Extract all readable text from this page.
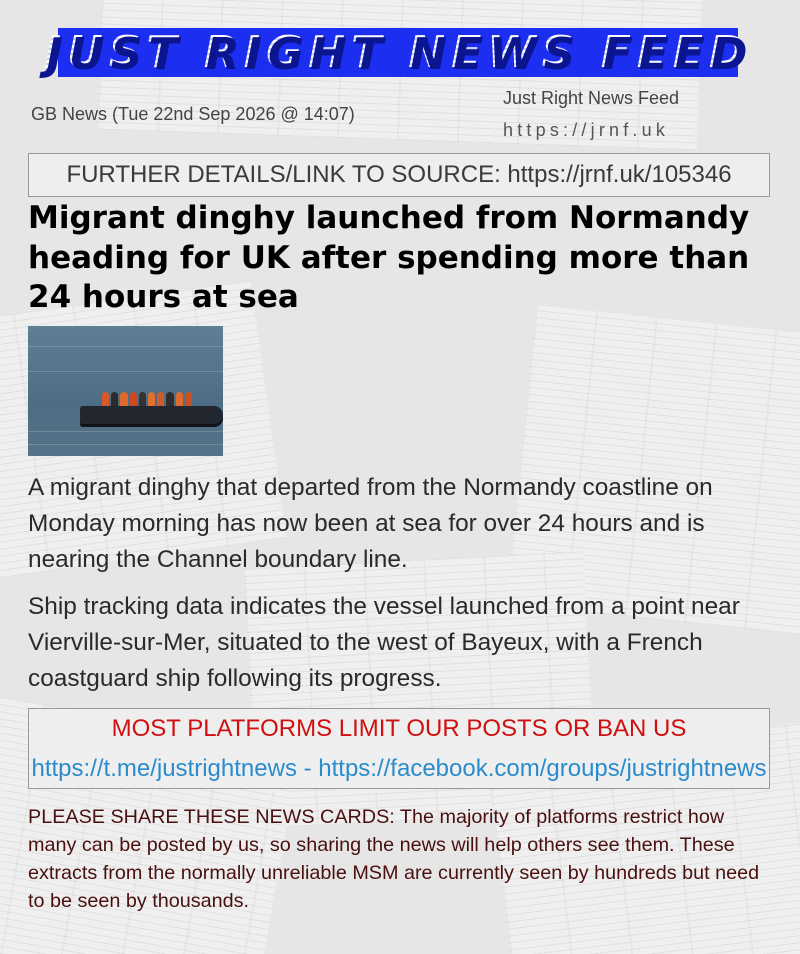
JUST RIGHT NEWS FEED
GB News (Tue 22nd Sep 2026 @ 14:07)
Just Right News Feed
https://jrnf.uk
FURTHER DETAILS/LINK TO SOURCE: https://jrnf.uk/105346
Migrant dinghy launched from Normandy heading for UK after spending more than 24 hours at sea

A migrant dinghy that departed from the Normandy coastline on Monday morning has now been at sea for over 24 hours and is nearing the Channel boundary line.

Ship tracking data indicates the vessel launched from a point near Vierville-sur-Mer, situated to the west of Bayeux, with a French coastguard ship following its progress.

MOST PLATFORMS LIMIT OUR POSTS OR BAN US
https://t.me/justrightnews - https://facebook.com/groups/justrightnews

PLEASE SHARE THESE NEWS CARDS: The majority of platforms restrict how many can be posted by us, so sharing the news will help others see them. These extracts from the normally unreliable MSM are currently seen by hundreds but need to be seen by thousands.
